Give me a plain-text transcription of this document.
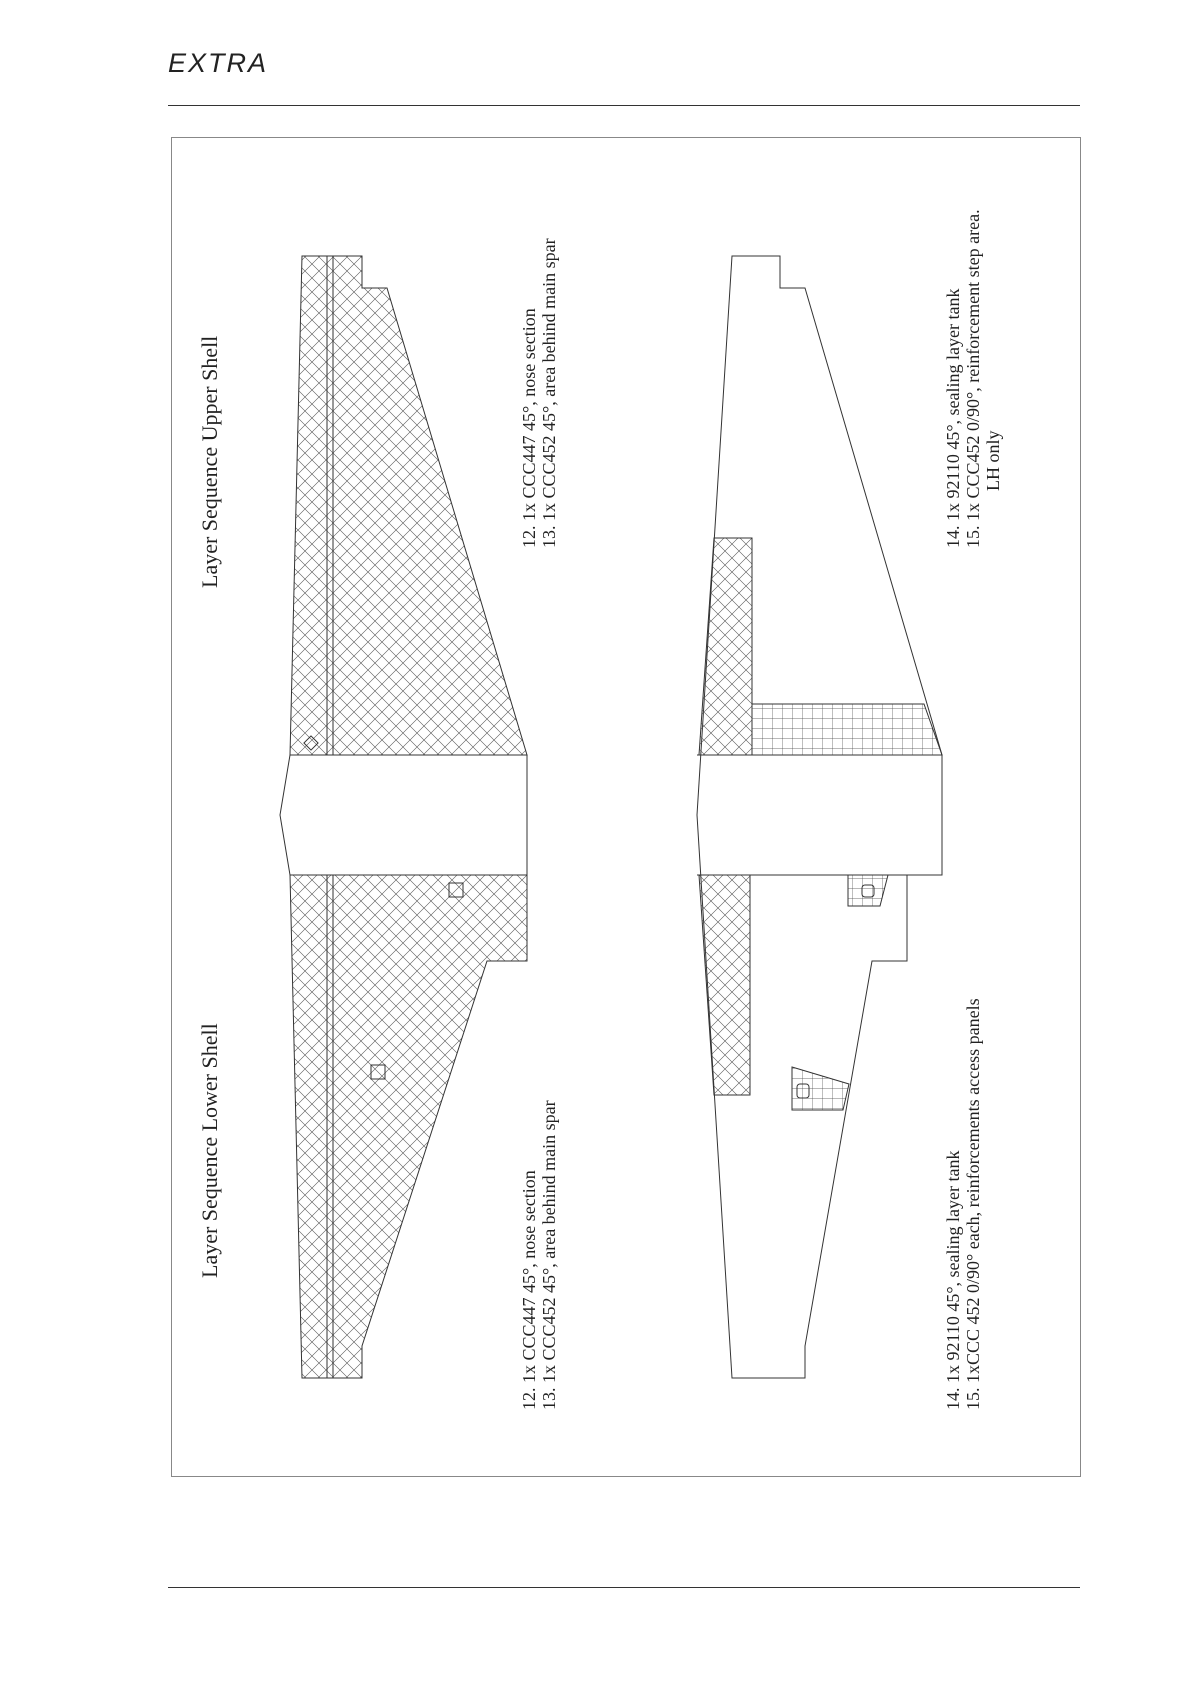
EXTRA
Layer Sequence Upper Shell
Layer Sequence Lower Shell
12. 1x CCC447 45°, nose section 13. 1x CCC452 45°, area behind main spar
12. 1x CCC447 45°, nose section 13. 1x CCC452 45°, area behind main spar
14. 1x 92110 45°, sealing layer tank 15. 1x CCC452 0/90°, reinforcement step area. LH only
14. 1x 92110 45°, sealing layer tank 15. 1xCCC 452 0/90° each, reinforcements access panels
